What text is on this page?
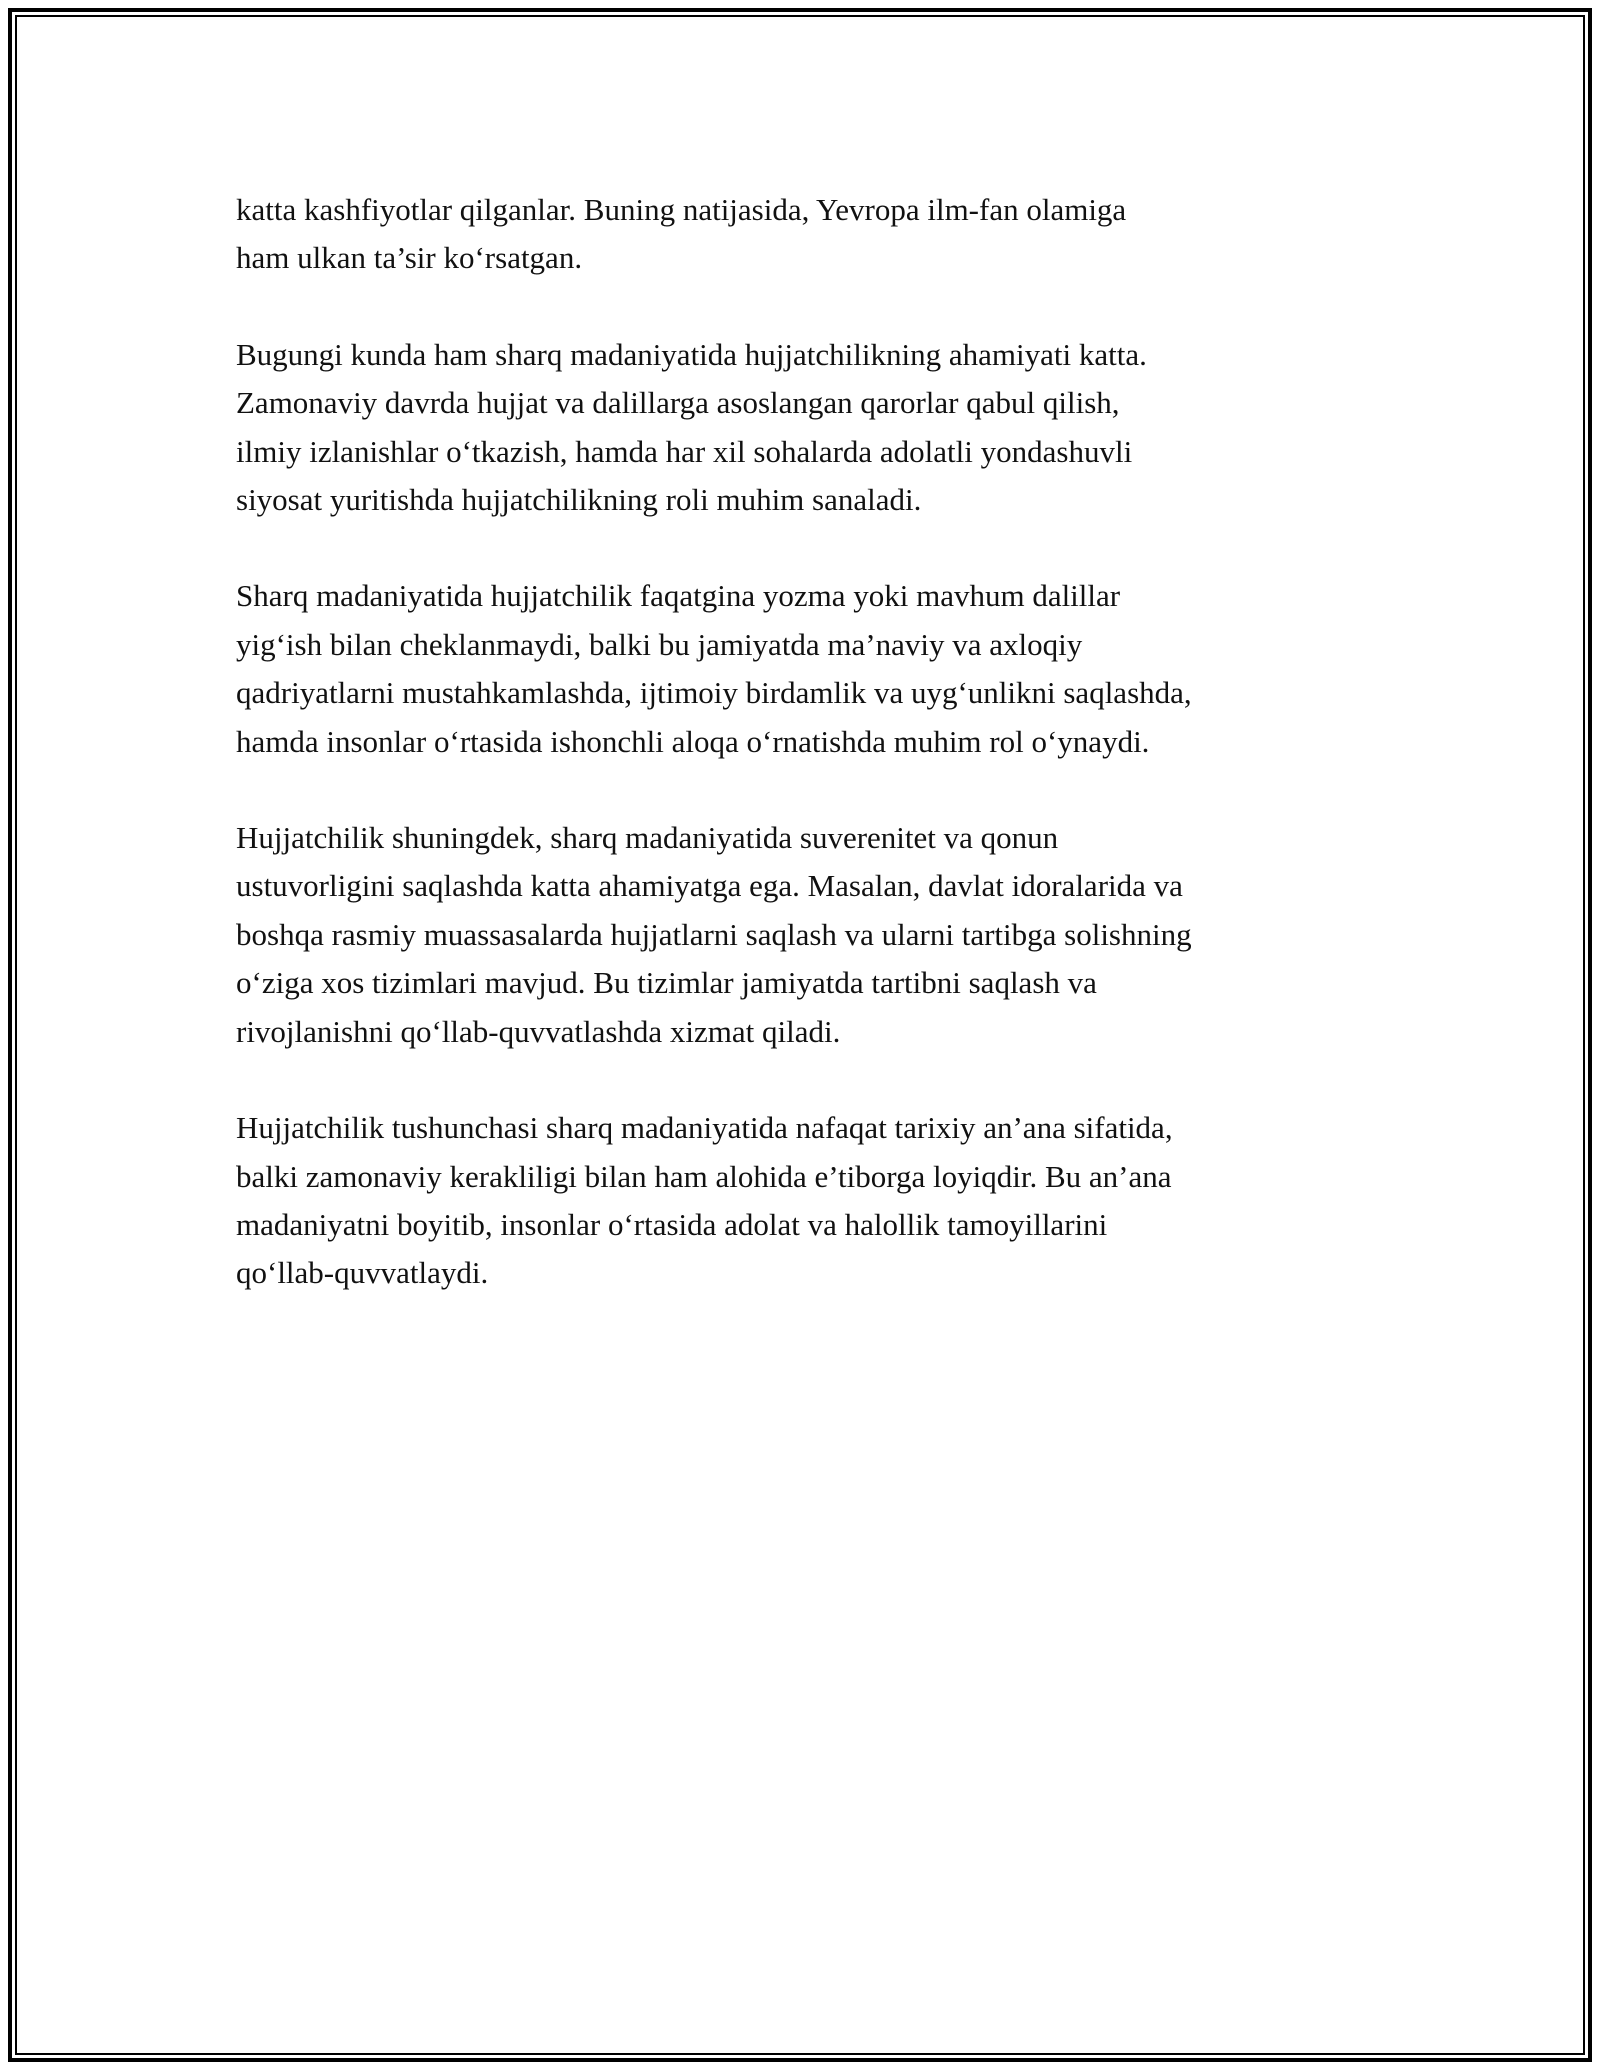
katta kashfiyotlar qilganlar. Buning natijasida, Yevropa ilm-fan olamiga
ham ulkan ta’sir ko‘rsatgan.

Bugungi kunda ham sharq madaniyatida hujjatchilikning ahamiyati katta.
Zamonaviy davrda hujjat va dalillarga asoslangan qarorlar qabul qilish,
ilmiy izlanishlar o‘tkazish, hamda har xil sohalarda adolatli yondashuvli
siyosat yuritishda hujjatchilikning roli muhim sanaladi.

Sharq madaniyatida hujjatchilik faqatgina yozma yoki mavhum dalillar
yig‘ish bilan cheklanmaydi, balki bu jamiyatda ma’naviy va axloqiy
qadriyatlarni mustahkamlashda, ijtimoiy birdamlik va uyg‘unlikni saqlashda,
hamda insonlar o‘rtasida ishonchli aloqa o‘rnatishda muhim rol o‘ynaydi.

Hujjatchilik shuningdek, sharq madaniyatida suverenitet va qonun
ustuvorligini saqlashda katta ahamiyatga ega. Masalan, davlat idoralarida va
boshqa rasmiy muassasalarda hujjatlarni saqlash va ularni tartibga solishning
o‘ziga xos tizimlari mavjud. Bu tizimlar jamiyatda tartibni saqlash va
rivojlanishni qo‘llab-quvvatlashda xizmat qiladi.

Hujjatchilik tushunchasi sharq madaniyatida nafaqat tarixiy an’ana sifatida,
balki zamonaviy kerakliligi bilan ham alohida e’tiborga loyiqdir. Bu an’ana
madaniyatni boyitib, insonlar o‘rtasida adolat va halollik tamoyillarini
qo‘llab-quvvatlaydi.
